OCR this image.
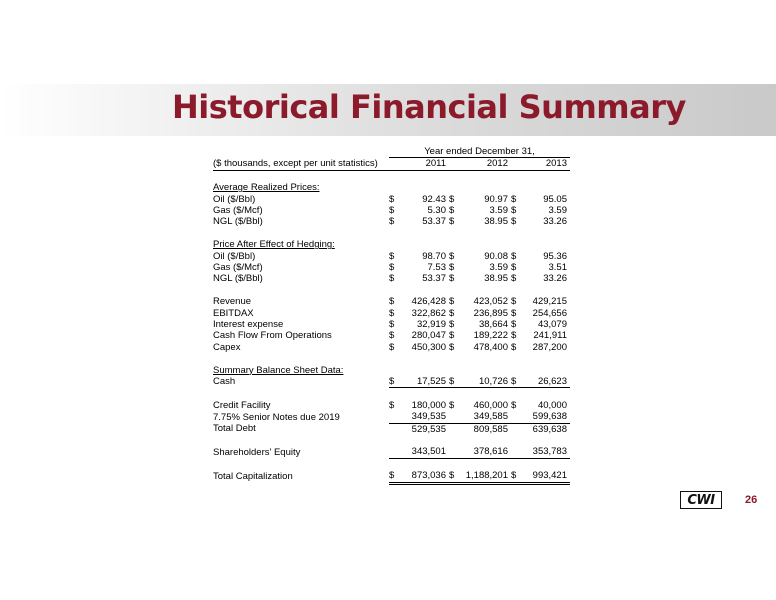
Historical Financial Summary
	Year ended December 31,					
($ thousands, except per unit statistics)		2011		2012		2013

Average Realized Prices:						
Oil ($/Bbl)	$	92.43	$	90.97	$	95.05
Gas ($/Mcf)	$	5.30	$	3.59	$	3.59
NGL ($/Bbl)	$	53.37	$	38.95	$	33.26

Price After Effect of Hedging:						
Oil ($/Bbl)	$	98.70	$	90.08	$	95.36
Gas ($/Mcf)	$	7.53	$	3.59	$	3.51
NGL ($/Bbl)	$	53.37	$	38.95	$	33.26

Revenue	$	426,428	$	423,052	$	429,215
EBITDAX	$	322,862	$	236,895	$	254,656
Interest expense	$	32,919	$	38,664	$	43,079
Cash Flow From Operations	$	280,047	$	189,222	$	241,911
Capex	$	450,300	$	478,400	$	287,200

Summary Balance Sheet Data:						
Cash	$	17,525	$	10,726	$	26,623

Credit Facility	$	180,000	$	460,000	$	40,000
7.75% Senior Notes due 2019		349,535		349,585		599,638
Total Debt		529,535		809,585		639,638

Shareholders' Equity		343,501		378,616		353,783

Total Capitalization	$	873,036	$	1,188,201	$	993,421
CWI	26
